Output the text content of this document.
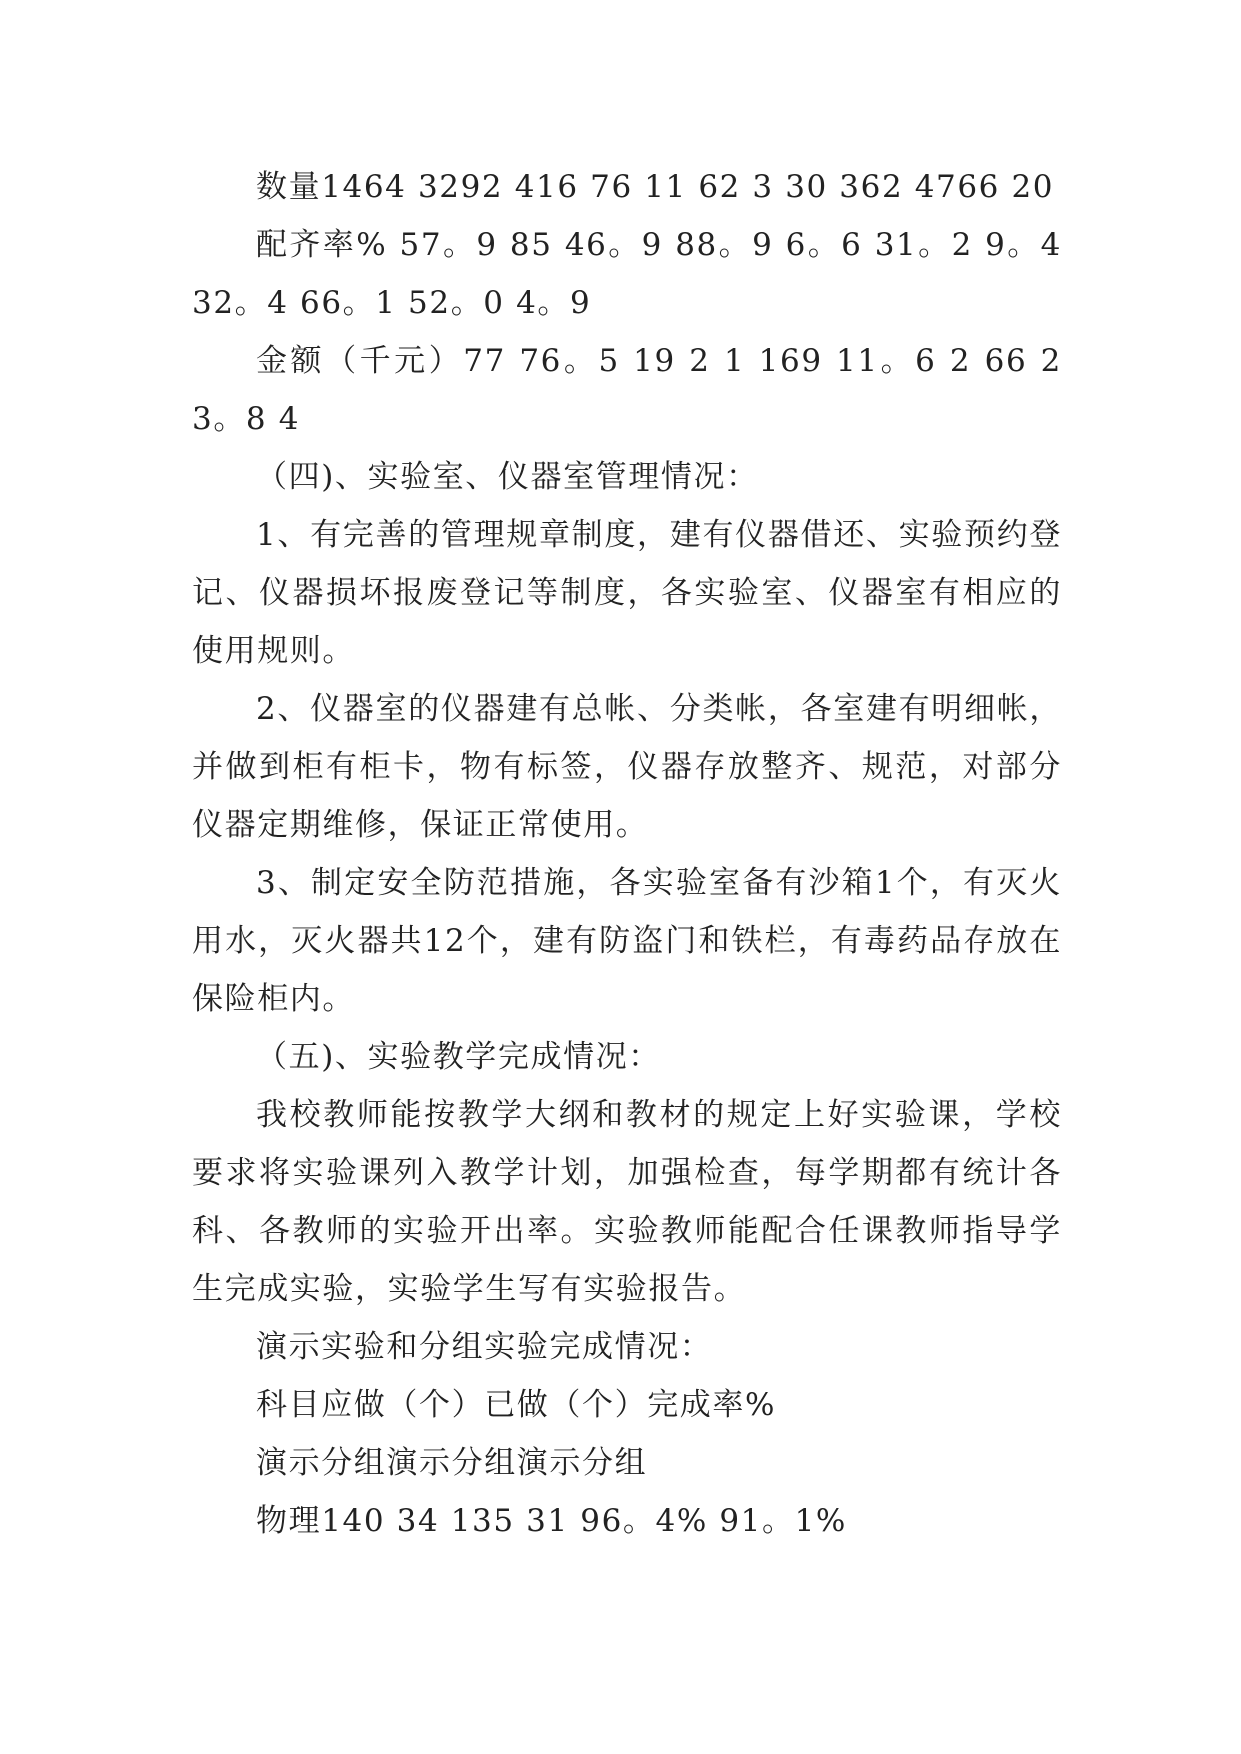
数量1464 3292 416 76 11 62 3 30 362 4766 20

配齐率% 57。9 85 46。9 88。9 6。6 31。2 9。4 32。4 66。1 52。0 4。9

金额（千元）77 76。5 19 2 1 169 11。6 2 66 23。8 4

（四)、实验室、仪器室管理情况：

1、有完善的管理规章制度，建有仪器借还、实验预约登记、仪器损坏报废登记等制度，各实验室、仪器室有相应的使用规则。

2、仪器室的仪器建有总帐、分类帐，各室建有明细帐，并做到柜有柜卡，物有标签，仪器存放整齐、规范，对部分仪器定期维修，保证正常使用。

3、制定安全防范措施，各实验室备有沙箱1个，有灭火用水，灭火器共12个，建有防盗门和铁栏，有毒药品存放在保险柜内。

（五)、实验教学完成情况：

我校教师能按教学大纲和教材的规定上好实验课，学校要求将实验课列入教学计划，加强检查，每学期都有统计各科、各教师的实验开出率。实验教师能配合任课教师指导学生完成实验，实验学生写有实验报告。

演示实验和分组实验完成情况：

科目应做（个）已做（个）完成率%

演示分组演示分组演示分组

物理140 34 135 31 96。4% 91。1%
